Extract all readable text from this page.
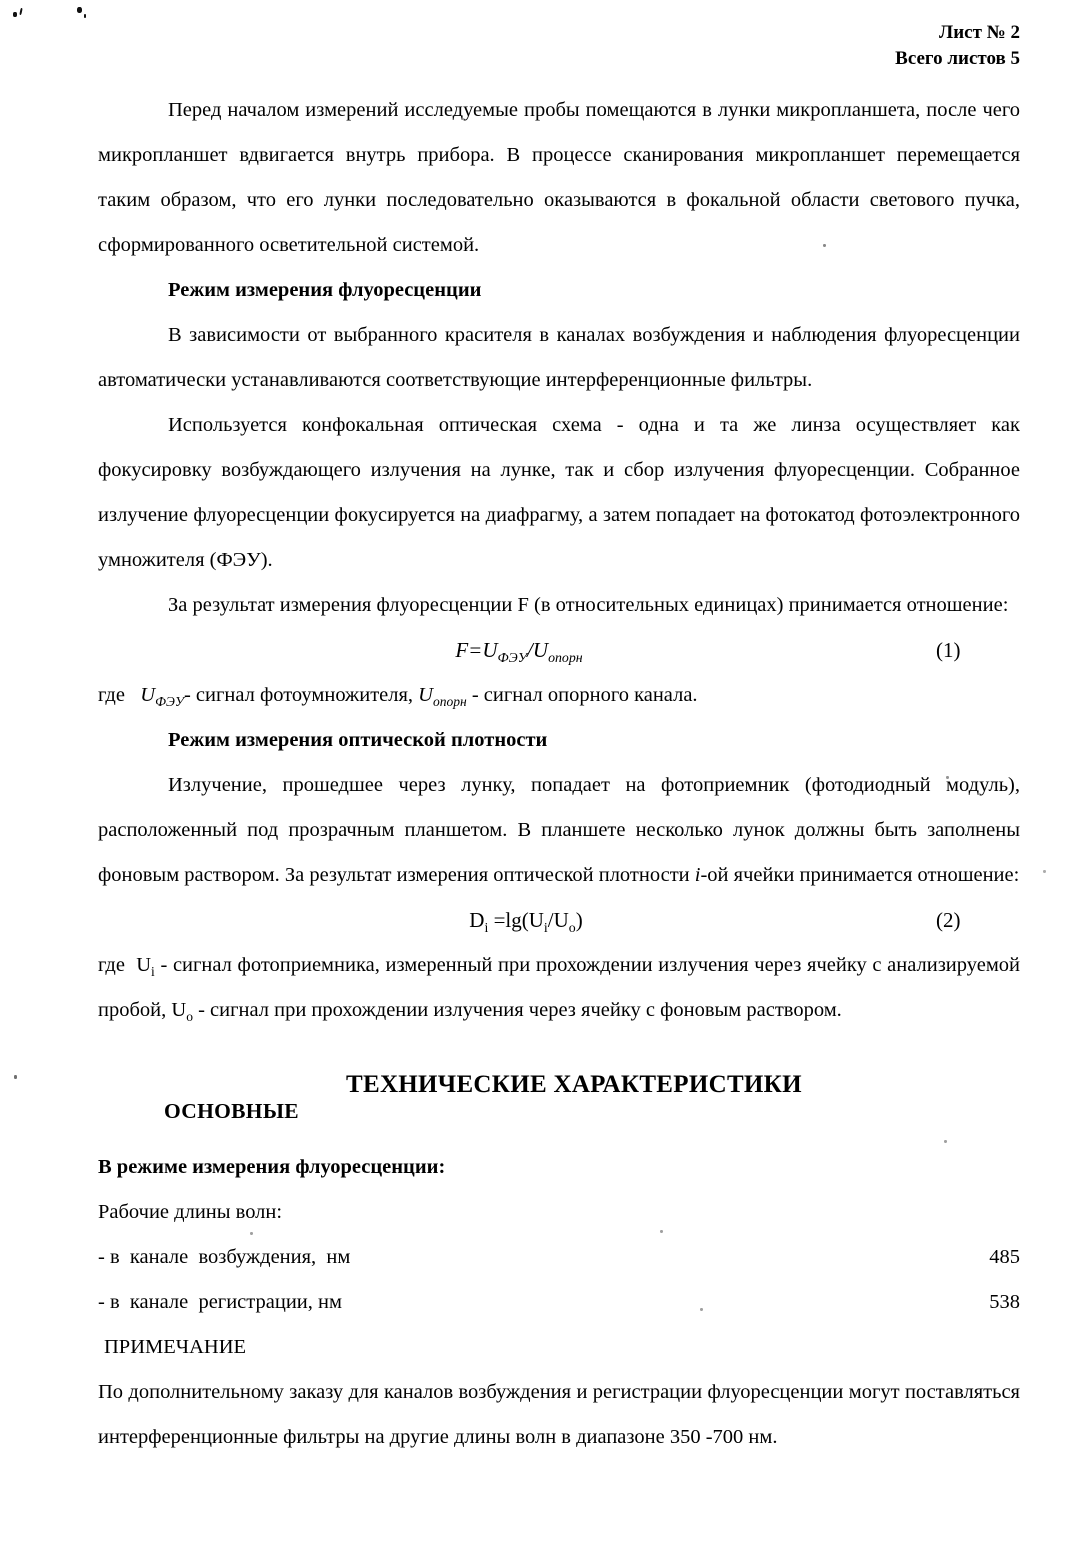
Лист № 2
Всего листов 5

Перед началом измерений исследуемые пробы помещаются в лунки микропланшета, после чего микропланшет вдвигается внутрь прибора. В процессе сканирования микропланшет перемещается таким образом, что его лунки последовательно оказываются в фокальной области светового пучка, сформированного осветительной системой.

Режим измерения флуоресценции

В зависимости от выбранного красителя в каналах возбуждения и наблюдения флуоресценции автоматически устанавливаются соответствующие интерференционные фильтры.

Используется конфокальная оптическая схема - одна и та же линза осуществляет как фокусировку возбуждающего излучения на лунке, так и сбор излучения флуоресценции. Собранное излучение флуоресценции фокусируется на диафрагму, а затем попадает на фотокатод фотоэлектронного умножителя (ФЭУ).

За результат измерения флуоресценции F (в относительных единицах) принимается отношение:

$F=U_{ФЭУ}/U_{опорн}$	(1)

где $U_{ФЭУ}-$ сигнал фотоумножителя, $U_{опорн}$ - сигнал опорного канала.

Режим измерения оптической плотности

Излучение, прошедшее через лунку, попадает на фотоприемник (фотодиодный модуль), расположенный под прозрачным планшетом. В планшете несколько лунок должны быть заполнены фоновым раствором. За результат измерения оптической плотности i-ой ячейки принимается отношение:

$D_i =\lg(U_i/U_o)$	(2)

где $U_i$ - сигнал фотоприемника, измеренный при прохождении излучения через ячейку с анализируемой пробой, $U_o$ - сигнал при прохождении излучения через ячейку с фоновым раствором.

ТЕХНИЧЕСКИЕ ХАРАКТЕРИСТИКИ
ОСНОВНЫЕ
В режиме измерения флуоресценции:

Рабочие длины волн:

- в  канале  возбуждения,  нм	485
- в  канале  регистрации, нм	538

ПРИМЕЧАНИЕ

По дополнительному заказу для каналов возбуждения и регистрации флуоресценции могут поставляться интерференционные фильтры на другие длины волн в диапазоне 350 -700 нм.
